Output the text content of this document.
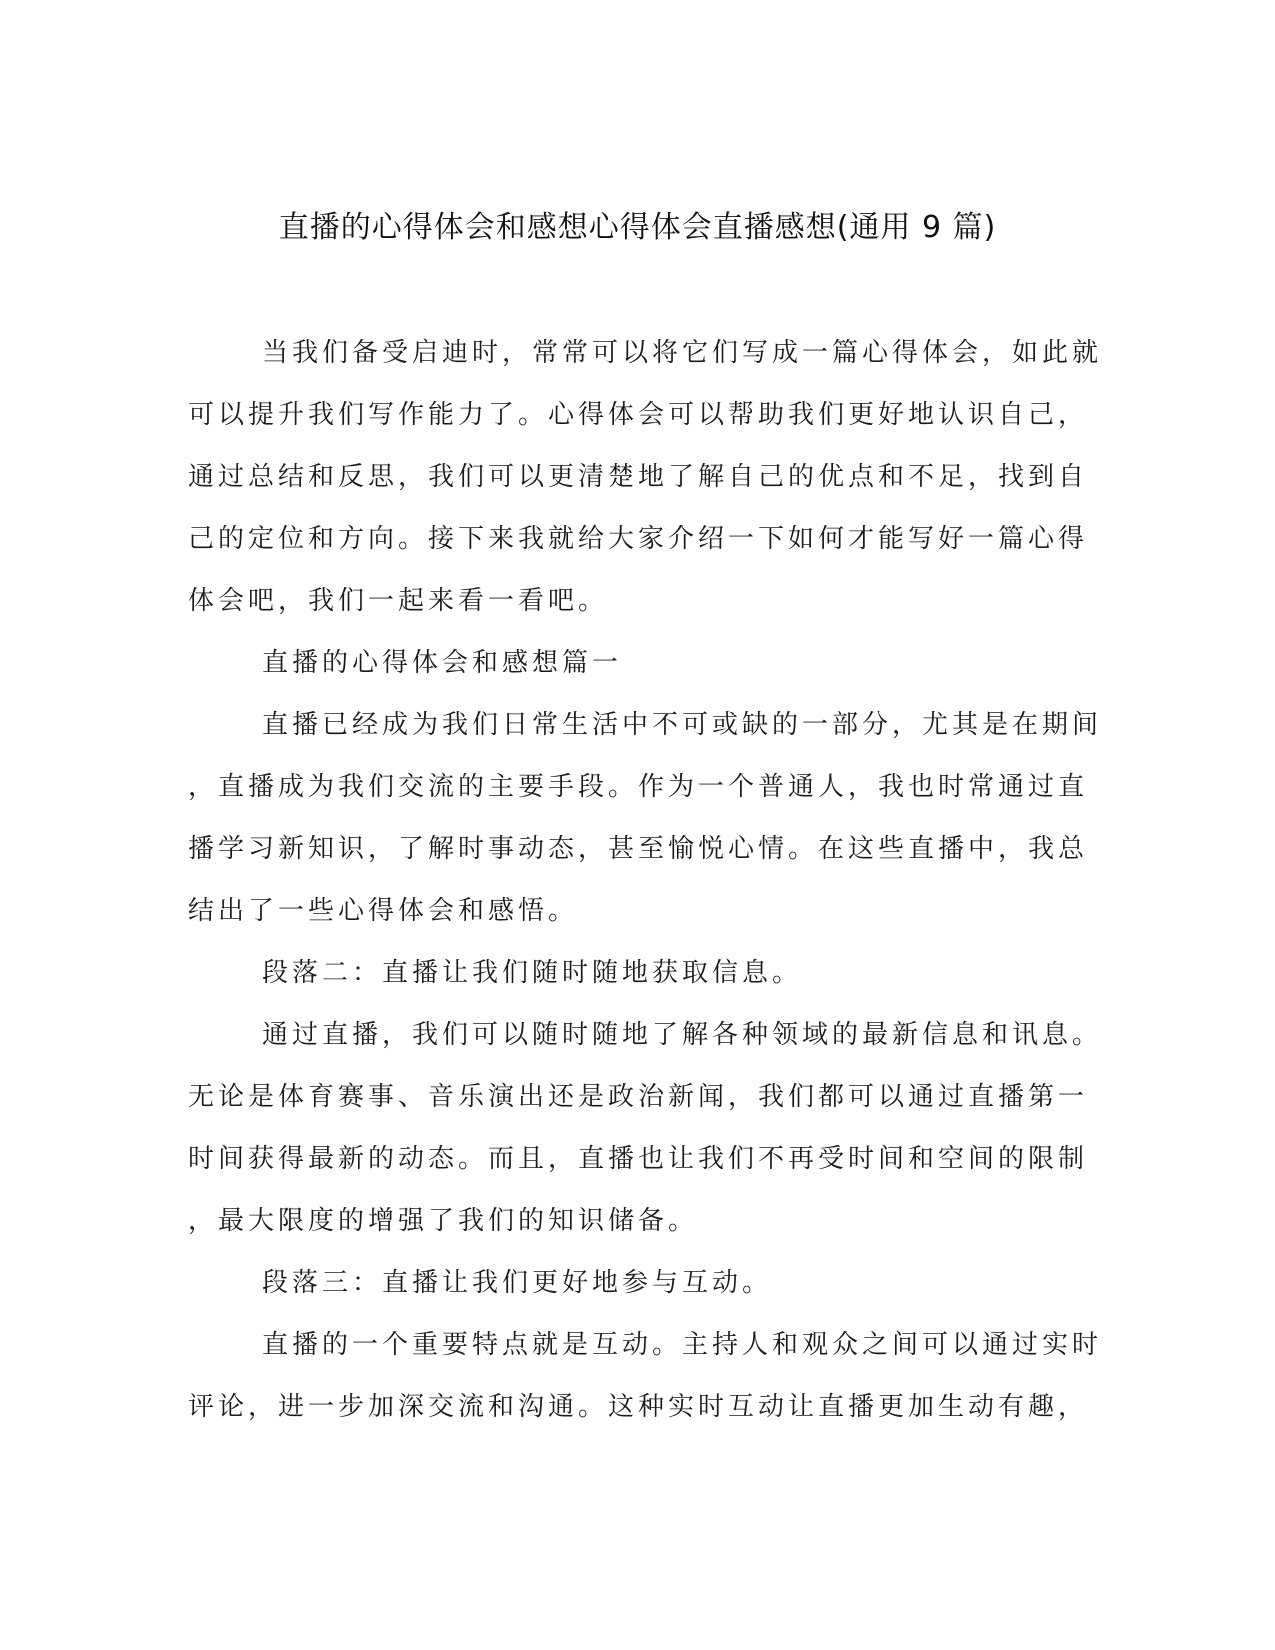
直播的心得体会和感想心得体会直播感想(通用 9 篇)
当我们备受启迪时，常常可以将它们写成一篇心得体会，如此就
可以提升我们写作能力了。心得体会可以帮助我们更好地认识自己，
通过总结和反思，我们可以更清楚地了解自己的优点和不足，找到自
己的定位和方向。接下来我就给大家介绍一下如何才能写好一篇心得
体会吧，我们一起来看一看吧。
直播的心得体会和感想篇一
直播已经成为我们日常生活中不可或缺的一部分，尤其是在期间
，直播成为我们交流的主要手段。作为一个普通人，我也时常通过直
播学习新知识，了解时事动态，甚至愉悦心情。在这些直播中，我总
结出了一些心得体会和感悟。
段落二：直播让我们随时随地获取信息。
通过直播，我们可以随时随地了解各种领域的最新信息和讯息。
无论是体育赛事、音乐演出还是政治新闻，我们都可以通过直播第一
时间获得最新的动态。而且，直播也让我们不再受时间和空间的限制
，最大限度的增强了我们的知识储备。
段落三：直播让我们更好地参与互动。
直播的一个重要特点就是互动。主持人和观众之间可以通过实时
评论，进一步加深交流和沟通。这种实时互动让直播更加生动有趣，
